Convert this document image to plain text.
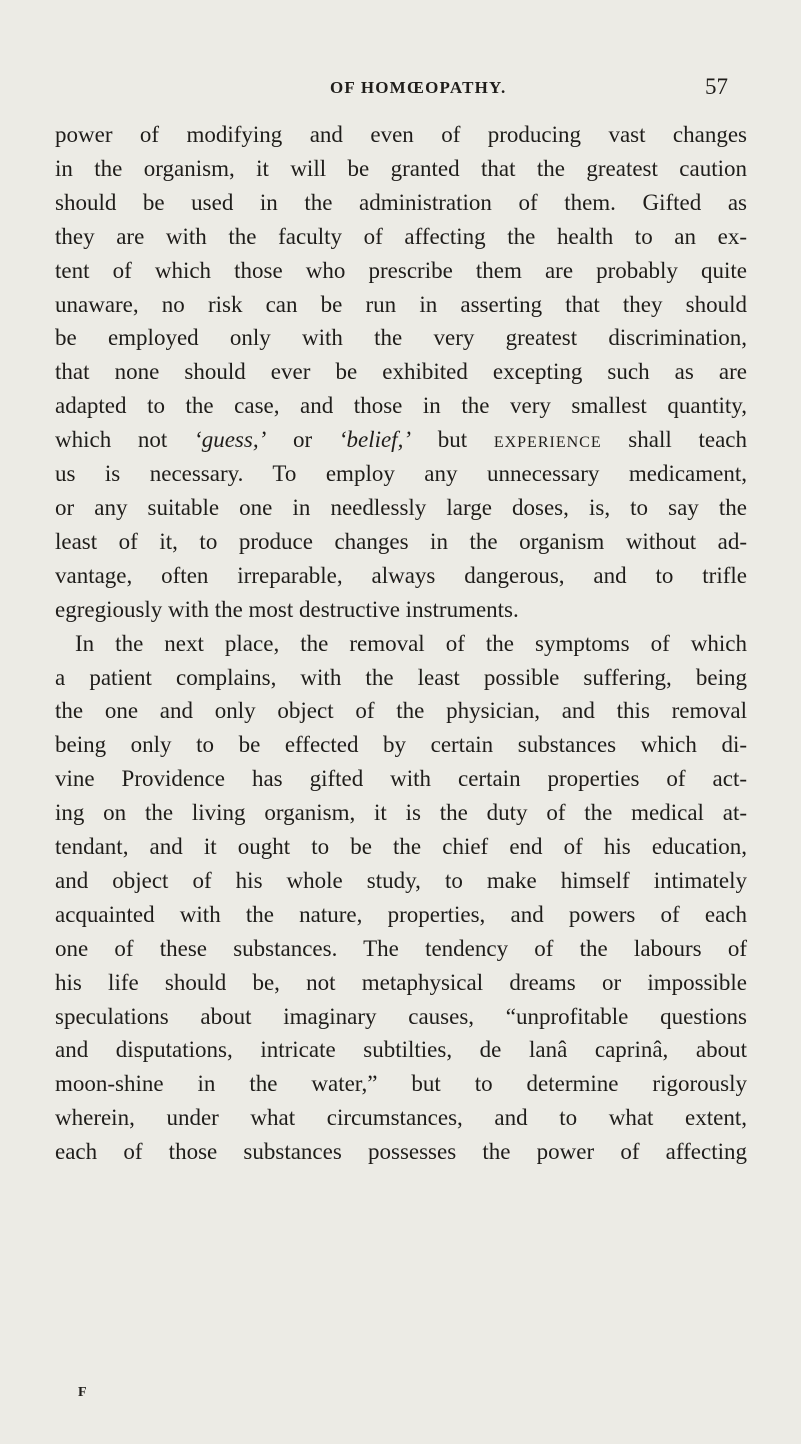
OF HOMŒOPATHY.	57
power of modifying and even of producing vast changes
in the organism, it will be granted that the greatest caution
should be used in the administration of them. Gifted as
they are with the faculty of affecting the health to an ex-
tent of which those who prescribe them are probably quite
unaware, no risk can be run in asserting that they should
be employed only with the very greatest discrimination,
that none should ever be exhibited excepting such as are
adapted to the case, and those in the very smallest quantity,
which not ‘guess,’ or ‘belief,’ but experience shall teach
us is necessary. To employ any unnecessary medicament,
or any suitable one in needlessly large doses, is, to say the
least of it, to produce changes in the organism without ad-
vantage, often irreparable, always dangerous, and to trifle
egregiously with the most destructive instruments.
In the next place, the removal of the symptoms of which
a patient complains, with the least possible suffering, being
the one and only object of the physician, and this removal
being only to be effected by certain substances which di-
vine Providence has gifted with certain properties of act-
ing on the living organism, it is the duty of the medical at-
tendant, and it ought to be the chief end of his education,
and object of his whole study, to make himself intimately
acquainted with the nature, properties, and powers of each
one of these substances. The tendency of the labours of
his life should be, not metaphysical dreams or impossible
speculations about imaginary causes, “unprofitable questions
and disputations, intricate subtilties, de lanâ caprinâ, about
moon-shine in the water,” but to determine rigorously
wherein, under what circumstances, and to what extent,
each of those substances possesses the power of affecting
F
